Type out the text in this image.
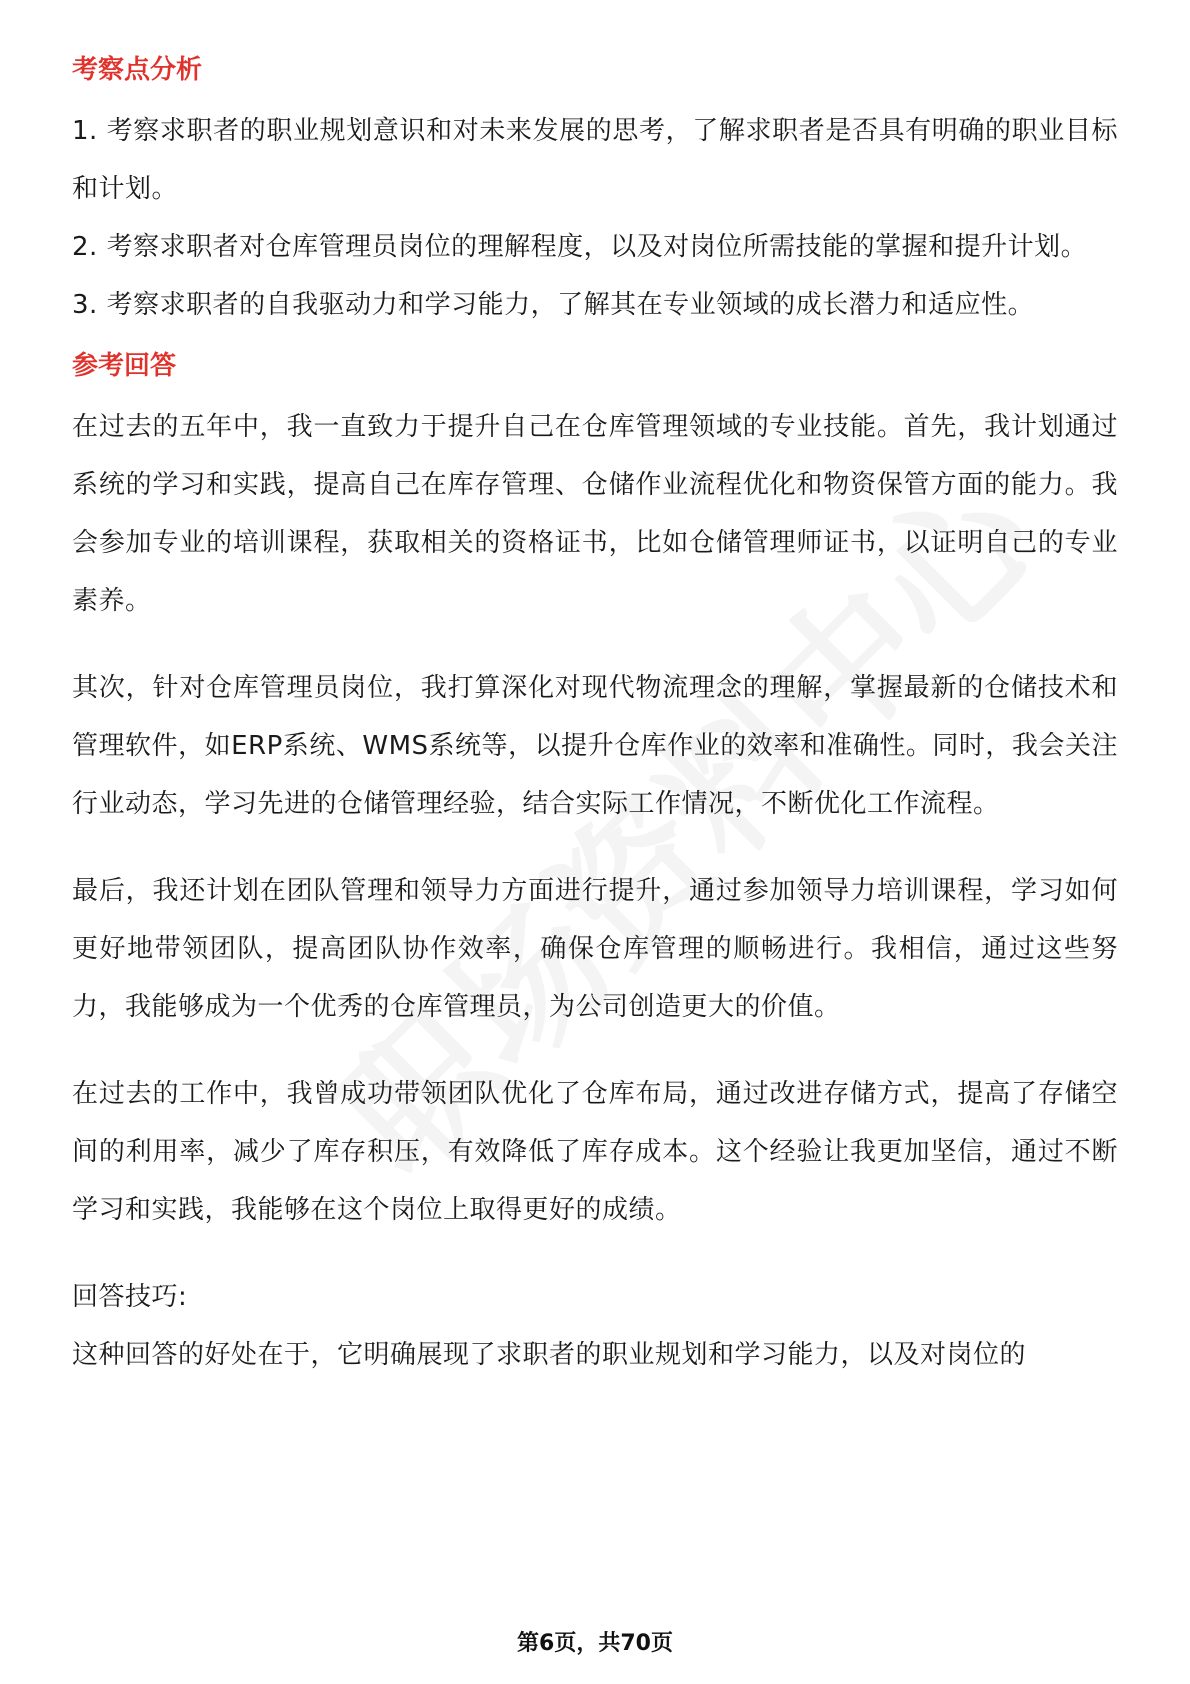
考察点分析

1. 考察求职者的职业规划意识和对未来发展的思考，了解求职者是否具有明确的职业目标和计划。

2. 考察求职者对仓库管理员岗位的理解程度，以及对岗位所需技能的掌握和提升计划。

3. 考察求职者的自我驱动力和学习能力，了解其在专业领域的成长潜力和适应性。

参考回答

在过去的五年中，我一直致力于提升自己在仓库管理领域的专业技能。首先，我计划通过系统的学习和实践，提高自己在库存管理、仓储作业流程优化和物资保管方面的能力。我会参加专业的培训课程，获取相关的资格证书，比如仓储管理师证书，以证明自己的专业素养。

其次，针对仓库管理员岗位，我打算深化对现代物流理念的理解，掌握最新的仓储技术和管理软件，如ERP系统、WMS系统等，以提升仓库作业的效率和准确性。同时，我会关注行业动态，学习先进的仓储管理经验，结合实际工作情况，不断优化工作流程。

最后，我还计划在团队管理和领导力方面进行提升，通过参加领导力培训课程，学习如何更好地带领团队，提高团队协作效率，确保仓库管理的顺畅进行。我相信，通过这些努力，我能够成为一个优秀的仓库管理员，为公司创造更大的价值。

在过去的工作中，我曾成功带领团队优化了仓库布局，通过改进存储方式，提高了存储空间的利用率，减少了库存积压，有效降低了库存成本。这个经验让我更加坚信，通过不断学习和实践，我能够在这个岗位上取得更好的成绩。

回答技巧:

这种回答的好处在于，它明确展现了求职者的职业规划和学习能力，以及对岗位的

第6页，共70页
